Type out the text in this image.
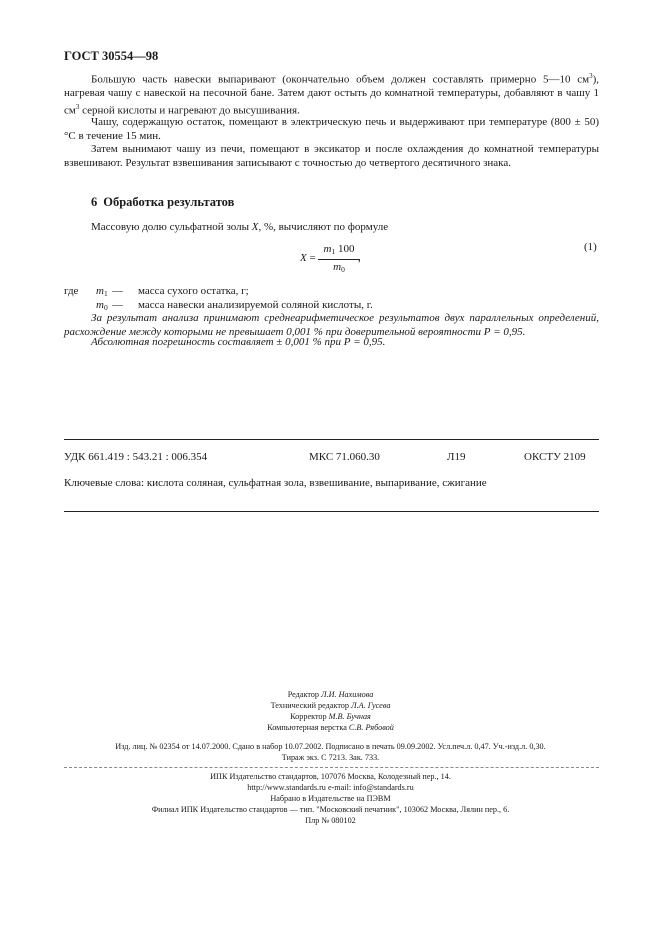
ГОСТ 30554—98

Большую часть навески выпаривают (окончательно объем должен составлять примерно 5—10 $см^3$), нагревая чашу с навеской на песочной бане. Затем дают остыть до комнатной температуры, добавляют в чашу 1 $см^3$ серной кислоты и нагревают до высушивания.

Чашу, содержащую остаток, помещают в электрическую печь и выдерживают при температуре (800 ± 50) °С в течение 15 мин.

Затем вынимают чашу из печи, помещают в эксикатор и после охлаждения до комнатной температуры взвешивают. Результат взвешивания записывают с точностью до четвертого десятичного знака.

6 Обработка результатов

Массовую долю сульфатной золы X, %, вычисляют по формуле

X =
$m_1$ 100
$m_0$
,
(1)
где $m_1$ — масса сухого остатка, г;
$m_0$ — масса навески анализируемой соляной кислоты, г.

За результат анализа принимают среднеарифметическое результатов двух параллельных определений, расхождение между которыми не превышает 0,001 % при доверительной вероятности Р = 0,95.

Абсолютная погрешность составляет ± 0,001 % при Р = 0,95.

УДК 661.419 : 543.21 : 006.354	МКС 71.060.30	Л19	ОКСТУ 2109
Ключевые слова: кислота соляная, сульфатная зола, взвешивание, выпаривание, сжигание
Редактор Л.И. Нахимова
Технический редактор Л.А. Гусева
Корректор М.В. Бучная
Компьютерная верстка С.В. Рябовой
Изд. лиц. № 02354 от 14.07.2000. Сдано в набор 10.07.2002. Подписано в печать 09.09.2002. Усл.печ.л. 0,47. Уч.-изд.л. 0,30.
Тираж экз. С 7213. Зак. 733.
ИПК Издательство стандартов, 107076 Москва, Колодезный пер., 14.
http://www.standards.ru e-mail: info@standards.ru
Набрано в Издательстве на ПЭВМ
Филиал ИПК Издательство стандартов — тип. "Московский печатник", 103062 Москва, Лялин пер., 6.
Плр № 080102
